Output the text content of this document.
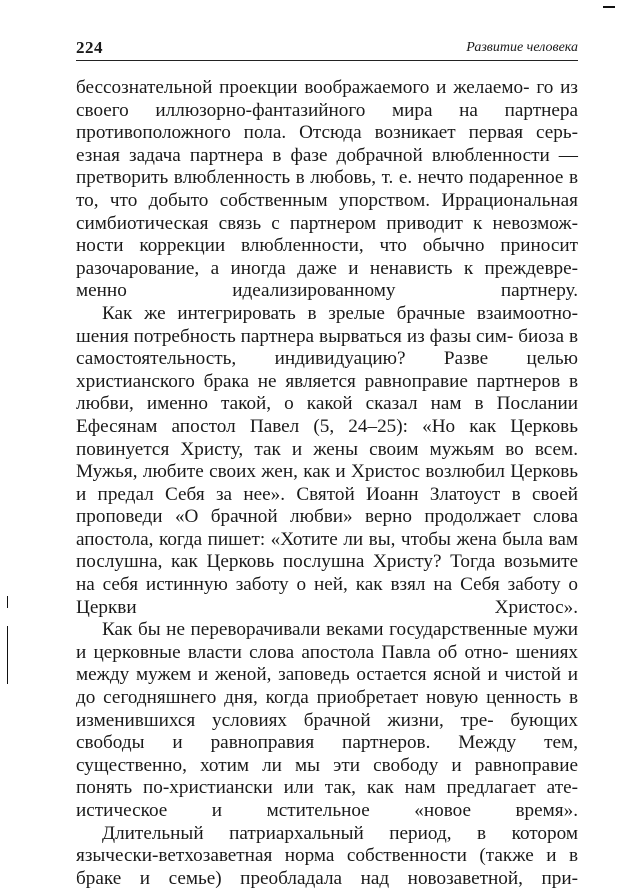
224	Развитие человека

бессознательной проекции воображаемого и желаемо- го из своего иллюзорно-фантазийного мира на партнера противоположного пола. Отсюда возникает первая серь- езная задача партнера в фазе добрачной влюбленности — претворить влюбленность в любовь, т. е. нечто подаренное в то, что добыто собственным упорством. Иррациональная симбиотическая связь с партнером приводит к невозмож- ности коррекции влюбленности, что обычно приносит разочарование, а иногда даже и ненависть к преждевре- менно идеализированному партнеру.

Как же интегрировать в зрелые брачные взаимоотно- шения потребность партнера вырваться из фазы сим- биоза в самостоятельность, индивидуацию? Разве целью христианского брака не является равноправие партнеров в любви, именно такой, о какой сказал нам в Послании Ефесянам апостол Павел (5, 24–25): «Но как Церковь повинуется Христу, так и жены своим мужьям во всем. Мужья, любите своих жен, как и Христос возлюбил Церковь и предал Себя за нее». Святой Иоанн Златоуст в своей проповеди «О брачной любви» верно продолжает слова апостола, когда пишет: «Хотите ли вы, чтобы жена была вам послушна, как Церковь послушна Христу? Тогда возьмите на себя истинную заботу о ней, как взял на Себя заботу о Церкви Христос».

Как бы не переворачивали веками государственные мужи и церковные власти слова апостола Павла об отно- шениях между мужем и женой, заповедь остается ясной и чистой и до сегодняшнего дня, когда приобретает новую ценность в изменившихся условиях брачной жизни, тре- бующих свободы и равноправия партнеров. Между тем, существенно, хотим ли мы эти свободу и равноправие понять по-христиански или так, как нам предлагает ате- истическое и мстительное «новое время».

Длительный патриархальный период, в котором язычески-ветхозаветная норма собственности (также и в браке и семье) преобладала над новозаветной, при-
